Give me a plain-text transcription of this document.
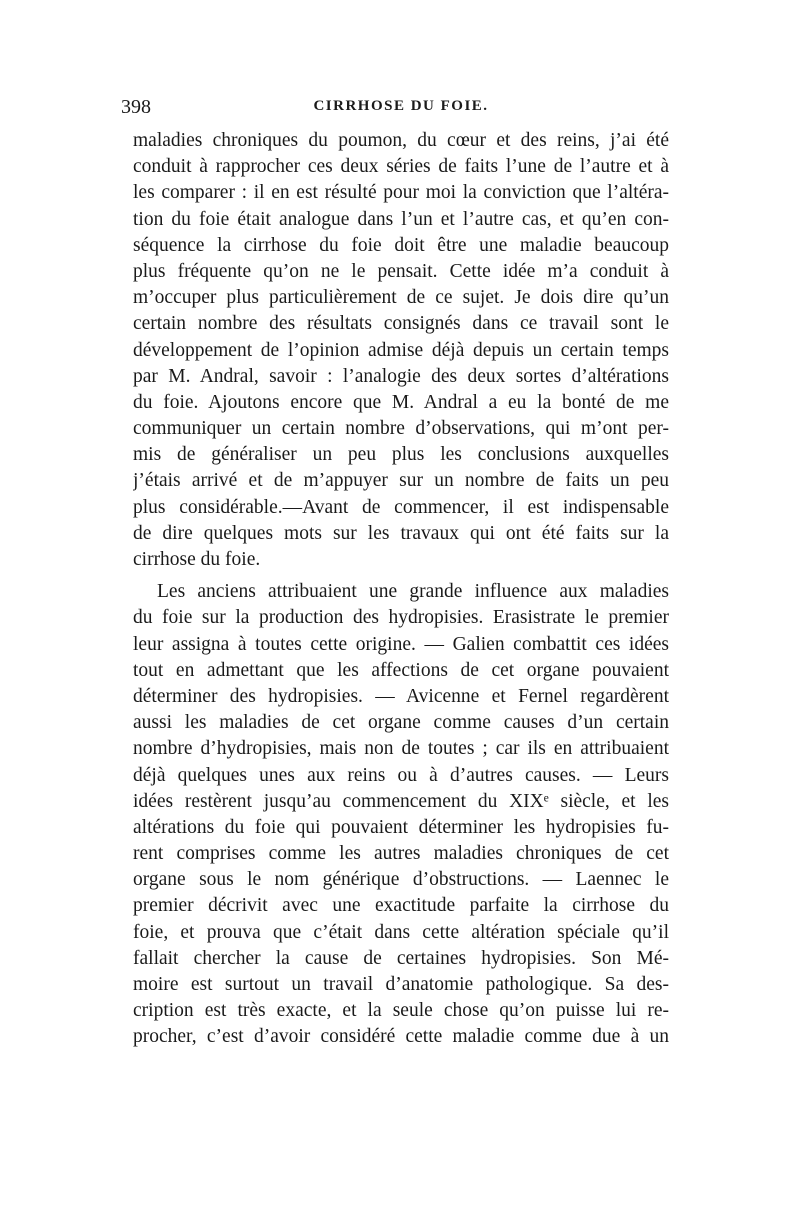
398	CIRRHOSE DU FOIE.
maladies chroniques du poumon, du cœur et des reins, j’ai été
conduit à rapprocher ces deux séries de faits l’une de l’autre et à
les comparer : il en est résulté pour moi la conviction que l’altéra-
tion du foie était analogue dans l’un et l’autre cas, et qu’en con-
séquence la cirrhose du foie doit être une maladie beaucoup
plus fréquente qu’on ne le pensait. Cette idée m’a conduit à
m’occuper plus particulièrement de ce sujet. Je dois dire qu’un
certain nombre des résultats consignés dans ce travail sont le
développement de l’opinion admise déjà depuis un certain temps
par M. Andral, savoir : l’analogie des deux sortes d’altérations
du foie. Ajoutons encore que M. Andral a eu la bonté de me
communiquer un certain nombre d’observations, qui m’ont per-
mis de généraliser un peu plus les conclusions auxquelles
j’étais arrivé et de m’appuyer sur un nombre de faits un peu
plus considérable.—Avant de commencer, il est indispensable
de dire quelques mots sur les travaux qui ont été faits sur la
cirrhose du foie.
Les anciens attribuaient une grande influence aux maladies
du foie sur la production des hydropisies. Erasistrate le premier
leur assigna à toutes cette origine. — Galien combattit ces idées
tout en admettant que les affections de cet organe pouvaient
déterminer des hydropisies. — Avicenne et Fernel regardèrent
aussi les maladies de cet organe comme causes d’un certain
nombre d’hydropisies, mais non de toutes ; car ils en attribuaient
déjà quelques unes aux reins ou à d’autres causes. — Leurs
idées restèrent jusqu’au commencement du XIXᵉ siècle, et les
altérations du foie qui pouvaient déterminer les hydropisies fu-
rent comprises comme les autres maladies chroniques de cet
organe sous le nom générique d’obstructions. — Laennec le
premier décrivit avec une exactitude parfaite la cirrhose du
foie, et prouva que c’était dans cette altération spéciale qu’il
fallait chercher la cause de certaines hydropisies. Son Mé-
moire est surtout un travail d’anatomie pathologique. Sa des-
cription est très exacte, et la seule chose qu’on puisse lui re-
procher, c’est d’avoir considéré cette maladie comme due à un
